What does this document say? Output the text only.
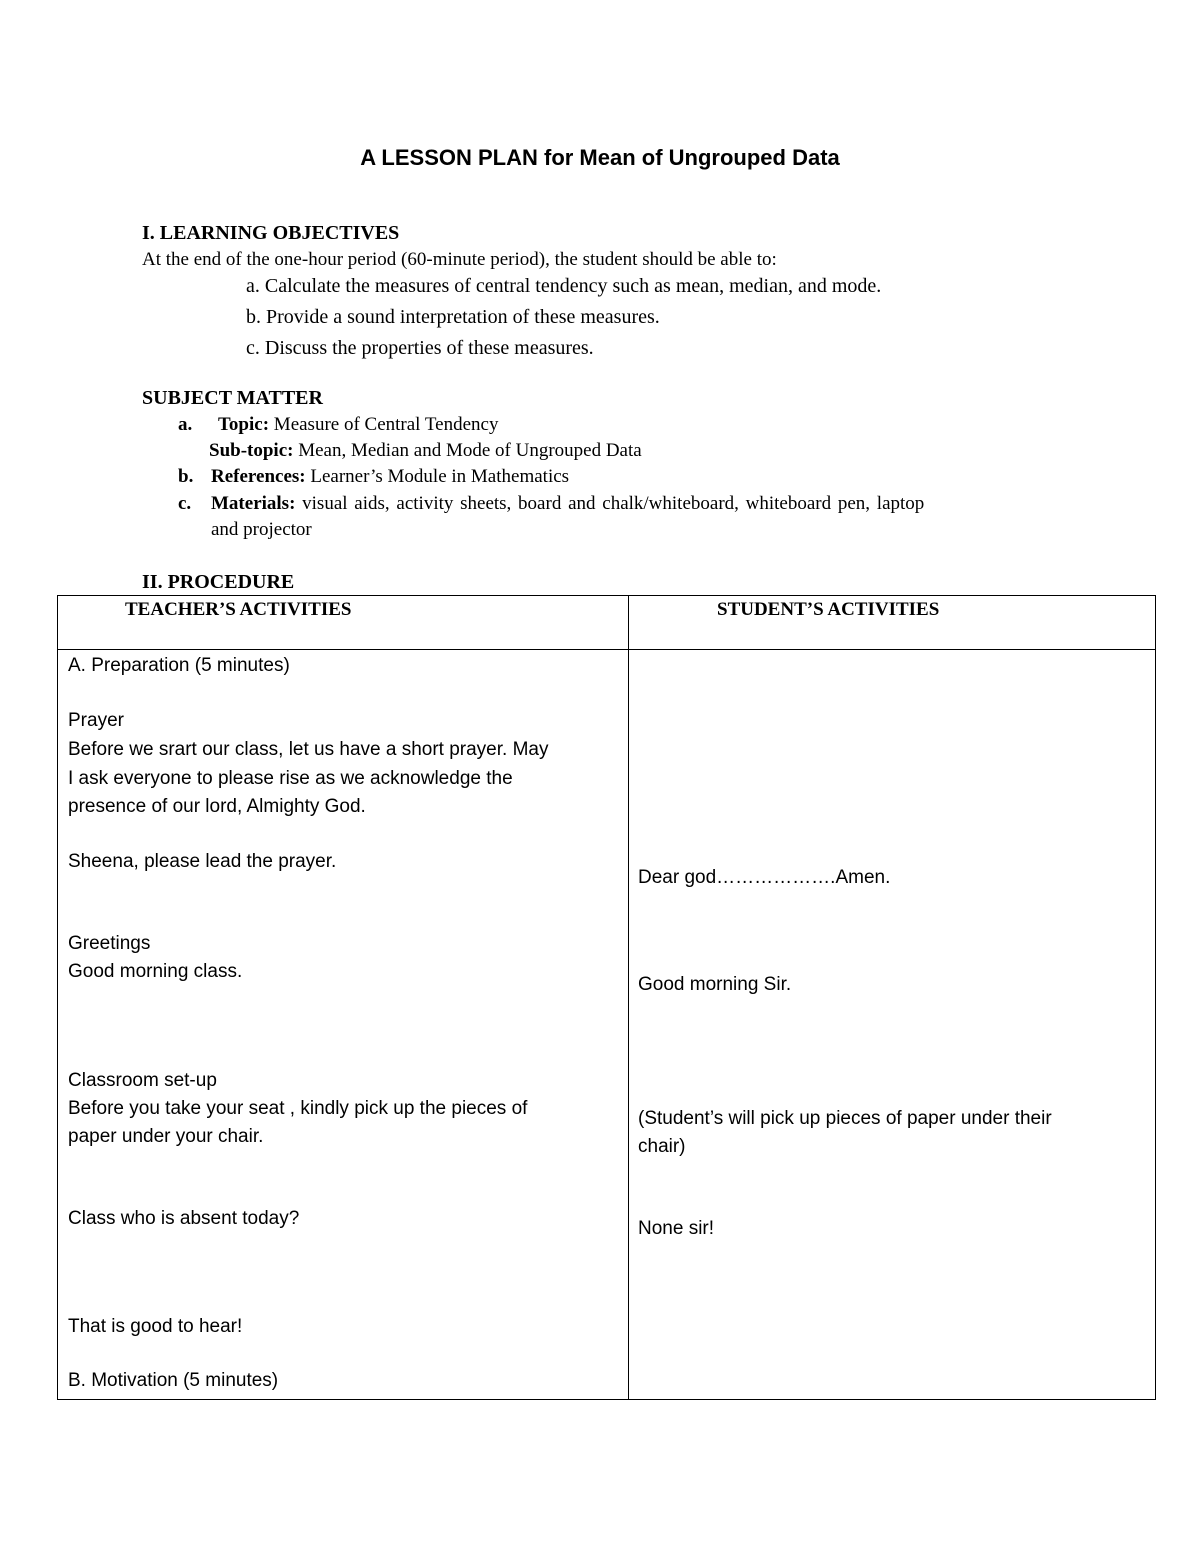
A LESSON PLAN for Mean of Ungrouped Data
I. LEARNING OBJECTIVES
At the end of the one-hour period (60-minute period), the student should be able to:
a. Calculate the measures of central tendency such as mean, median, and mode.
b. Provide a sound interpretation of these measures.
c. Discuss the properties of these measures.
SUBJECT MATTER
a. Topic: Measure of Central Tendency
Sub-topic: Mean, Median and Mode of Ungrouped Data
b. References: Learner’s Module in Mathematics
c. Materials: visual aids, activity sheets, board and chalk/whiteboard, whiteboard pen, laptop
and projector
II. PROCEDURE
TEACHER’S ACTIVITIES	STUDENT’S ACTIVITIES
A. Preparation (5 minutes)
Prayer
Before we srart our class, let us have a short prayer. May
I ask everyone to please rise as we acknowledge the
presence of our lord, Almighty God.
Sheena, please lead the prayer.
Greetings
Good morning class.
Classroom set-up
Before you take your seat , kindly pick up the pieces of
paper under your chair.
Class who is absent today?
That is good to hear!
B. Motivation (5 minutes)
Dear god……………….Amen.
Good morning Sir.
(Student’s will pick up pieces of paper under their
chair)
None sir!
